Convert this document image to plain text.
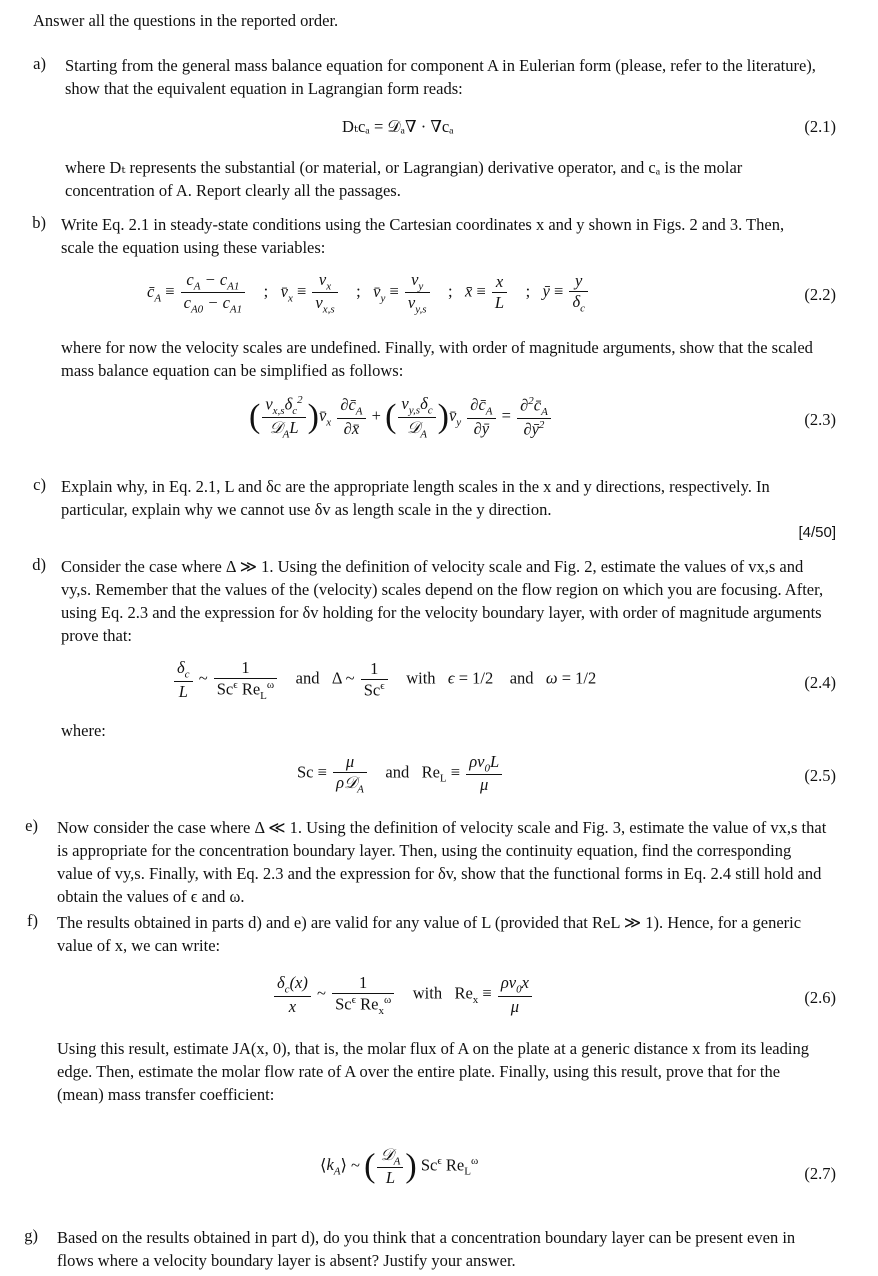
Answer all the questions in the reported order.
a) Starting from the general mass balance equation for component A in Eulerian form (please, refer to the literature), show that the equivalent equation in Lagrangian form reads:
Dₜcₐ = 𝒟ₐ∇ · ∇cₐ	(2.1)
where Dₜ represents the substantial (or material, or Lagrangian) derivative operator, and cₐ is the molar concentration of A. Report clearly all the passages.
b) Write Eq. 2.1 in steady-state conditions using the Cartesian coordinates x and y shown in Figs. 2 and 3. Then, scale the equation using these variables:
$c̄_A \equiv \frac{c_A - c_{A1}}{c_{A0} - c_{A1}}$ ;   $v̄_x \equiv \frac{v_x}{v_{x,s}}$ ;   $v̄_y \equiv \frac{v_y}{v_{y,s}}$ ;   x̄ ≡ $\frac{x}{L}$ ;   ȳ ≡ $\frac{y}{\delta_c}$	(2.2)
where for now the velocity scales are undefined. Finally, with order of magnitude arguments, show that the scaled mass balance equation can be simplified as follows:
( $\frac{v_{x,s}\delta_c^2}{𝒟_AL}$ )$v̄_x \frac{\partial c̄_A}{\partial x̄}$ + ( $\frac{v_{y,s}\delta_c}{𝒟_A}$ )$v̄_y \frac{\partial c̄_A}{\partial ȳ} = \frac{\partial^2c̄_A}{\partial ȳ^2}$	(2.3)
c) Explain why, in Eq. 2.1, L and δc are the appropriate length scales in the x and y directions, respectively. In particular, explain why we cannot use δv as length scale in the y direction.
[4/50]
d) Consider the case where Δ ≫ 1. Using the definition of velocity scale and Fig. 2, estimate the values of vx,s and vy,s. Remember that the values of the (velocity) scales depend on the flow region on which you are focusing. After, using Eq. 2.3 and the expression for δv holding for the velocity boundary layer, with order of magnitude arguments prove that:
$\frac{\delta_c}{L}$ ~ $\frac{1}{Sc^\epsilon Re_L^\omega}$ and   Δ ~ $\frac{1}{Sc^\epsilon}$ with   ϵ = 1/2    and   ω = 1/2	(2.4)
where:
$Sc \equiv \frac{\mu}{\rho 𝒟_A}$ and   $Re_L \equiv \frac{\rho v_0L}{\mu}$	(2.5)
e) Now consider the case where Δ ≪ 1. Using the definition of velocity scale and Fig. 3, estimate the value of vx,s that is appropriate for the concentration boundary layer. Then, using the continuity equation, find the corresponding value of vy,s. Finally, with Eq. 2.3 and the expression for δv, show that the functional forms in Eq. 2.4 still hold and obtain the values of ϵ and ω.
f) The results obtained in parts d) and e) are valid for any value of L (provided that ReL ≫ 1). Hence, for a generic value of x, we can write:
$\frac{\delta_c(x)}{x}$ ~ $\frac{1}{Sc^\epsilon Re_x^\omega}$ with   $Re_x \equiv \frac{\rho v_0x}{\mu}$	(2.6)
Using this result, estimate JA(x, 0), that is, the molar flux of A on the plate at a generic distance x from its leading edge. Then, estimate the molar flow rate of A over the entire plate. Finally, using this result, prove that for the (mean) mass transfer coefficient:
$⟨k_A⟩$ ~ ( $\frac{𝒟_A}{L}$ ) $Sc^\epsilon$ $Re_L^\omega$
(2.7)
g) Based on the results obtained in part d), do you think that a concentration boundary layer can be present even in flows where a velocity boundary layer is absent? Justify your answer.
